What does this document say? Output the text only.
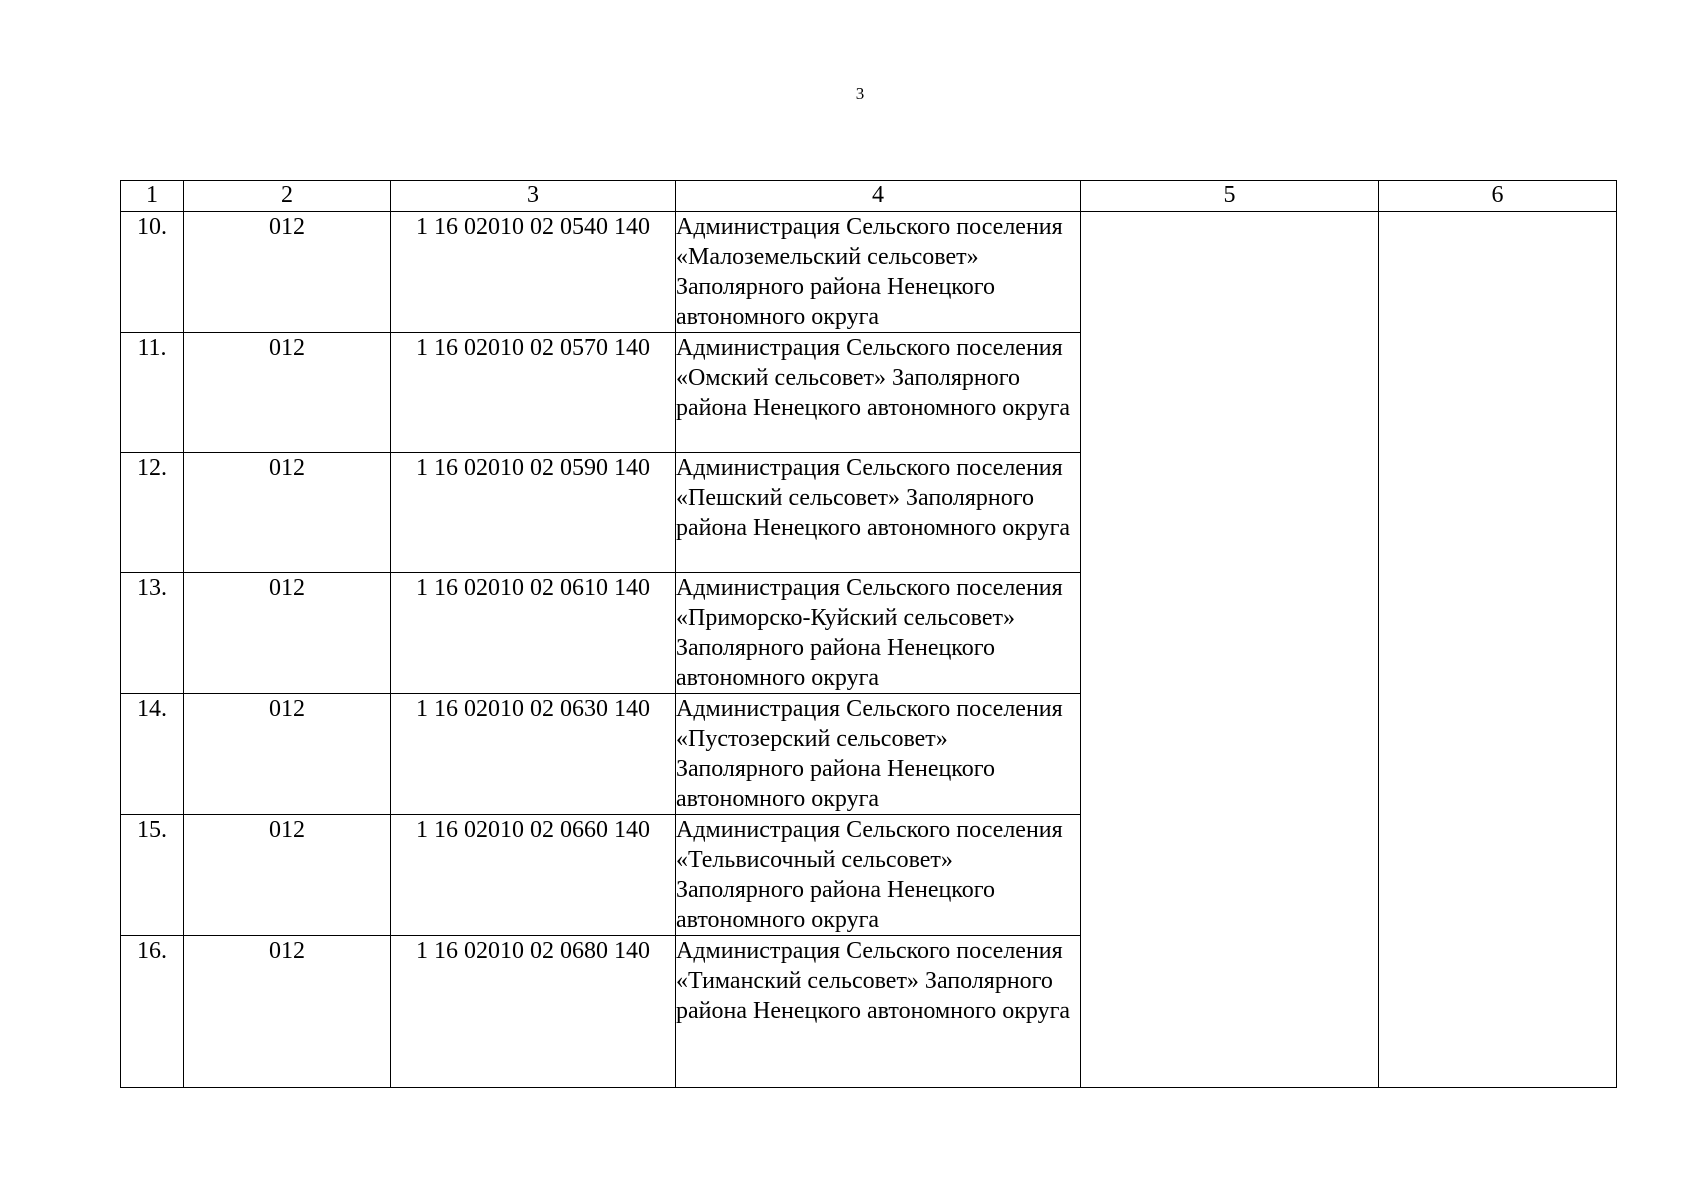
3
1	2	3	4	5	6
10.	012	1 16 02010 02 0540 140	Администрация Сельского поселения «Малоземельский сельсовет» Заполярного района Ненецкого автономного округа		
11.	012	1 16 02010 02 0570 140	Администрация Сельского поселения «Омский сельсовет» Заполярного района Ненецкого автономного округа		
12.	012	1 16 02010 02 0590 140	Администрация Сельского поселения «Пешский сельсовет» Заполярного района Ненецкого автономного округа		
13.	012	1 16 02010 02 0610 140	Администрация Сельского поселения «Приморско-Куйский сельсовет» Заполярного района Ненецкого автономного округа		
14.	012	1 16 02010 02 0630 140	Администрация Сельского поселения «Пустозерский сельсовет» Заполярного района Ненецкого автономного округа		
15.	012	1 16 02010 02 0660 140	Администрация Сельского поселения «Тельвисочный сельсовет» Заполярного района Ненецкого автономного округа		
16.	012	1 16 02010 02 0680 140	Администрация Сельского поселения «Тиманский сельсовет» Заполярного района Ненецкого автономного округа		
